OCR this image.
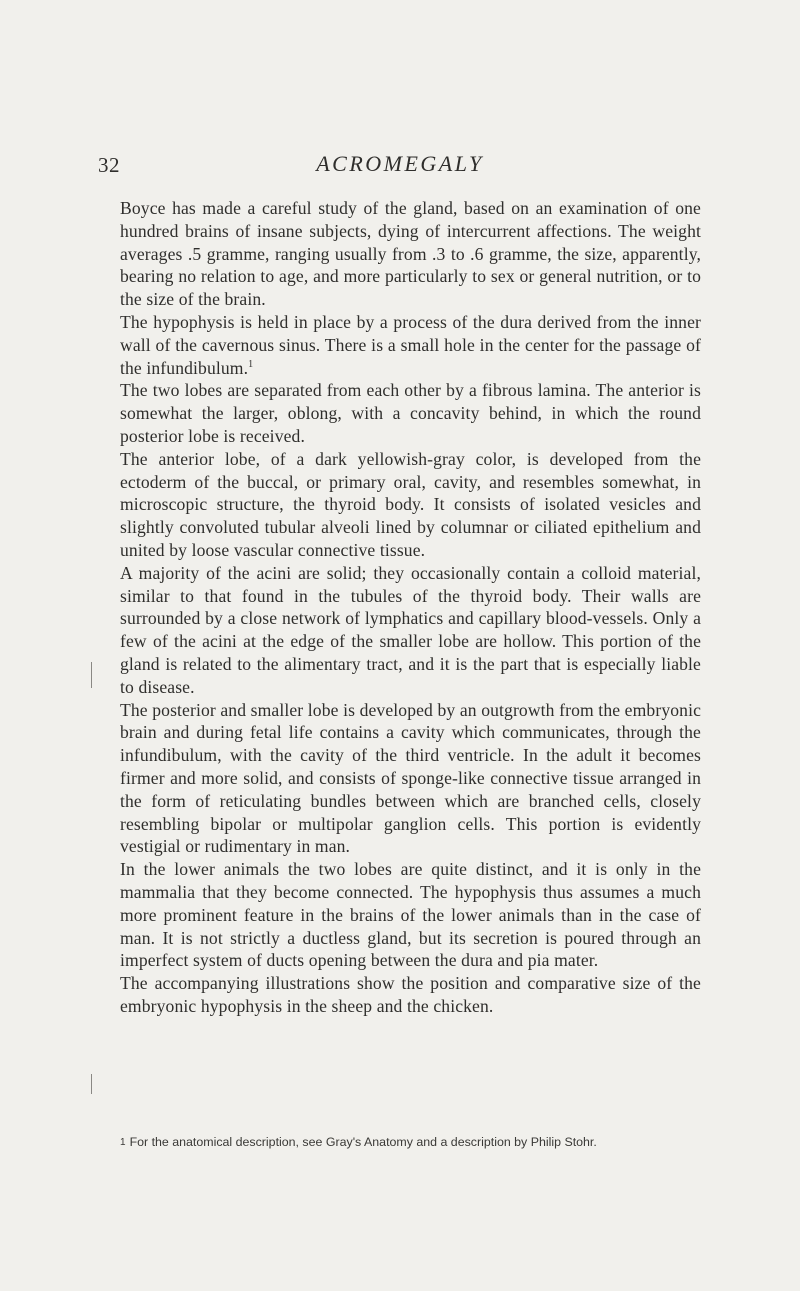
32	ACROMEGALY

Boyce has made a careful study of the gland, based on an examination of one hundred brains of insane subjects, dying of intercurrent affections. The weight averages .5 gramme, ranging usually from .3 to .6 gramme, the size, apparently, bearing no relation to age, and more particularly to sex or general nutrition, or to the size of the brain.

The hypophysis is held in place by a process of the dura derived from the inner wall of the cavernous sinus. There is a small hole in the center for the passage of the infundibulum.$^1$

The two lobes are separated from each other by a fibrous lamina. The anterior is somewhat the larger, oblong, with a concavity behind, in which the round posterior lobe is received.

The anterior lobe, of a dark yellowish-gray color, is developed from the ectoderm of the buccal, or primary oral, cavity, and resembles somewhat, in microscopic structure, the thyroid body. It consists of isolated vesicles and slightly convoluted tubular alveoli lined by columnar or ciliated epithelium and united by loose vascular connective tissue.

A majority of the acini are solid; they occasionally contain a colloid material, similar to that found in the tubules of the thyroid body. Their walls are surrounded by a close network of lymphatics and capillary blood-vessels. Only a few of the acini at the edge of the smaller lobe are hollow. This portion of the gland is related to the alimentary tract, and it is the part that is especially liable to disease.

The posterior and smaller lobe is developed by an outgrowth from the embryonic brain and during fetal life contains a cavity which communicates, through the infundibulum, with the cavity of the third ventricle. In the adult it becomes firmer and more solid, and consists of sponge-like connective tissue arranged in the form of reticulating bundles between which are branched cells, closely resembling bipolar or multipolar ganglion cells. This portion is evidently vestigial or rudimentary in man.

In the lower animals the two lobes are quite distinct, and it is only in the mammalia that they become connected. The hypophysis thus assumes a much more prominent feature in the brains of the lower animals than in the case of man. It is not strictly a ductless gland, but its secretion is poured through an imperfect system of ducts opening between the dura and pia mater.

The accompanying illustrations show the position and comparative size of the embryonic hypophysis in the sheep and the chicken.

1 For the anatomical description, see Gray's Anatomy and a description by Philip Stohr.
